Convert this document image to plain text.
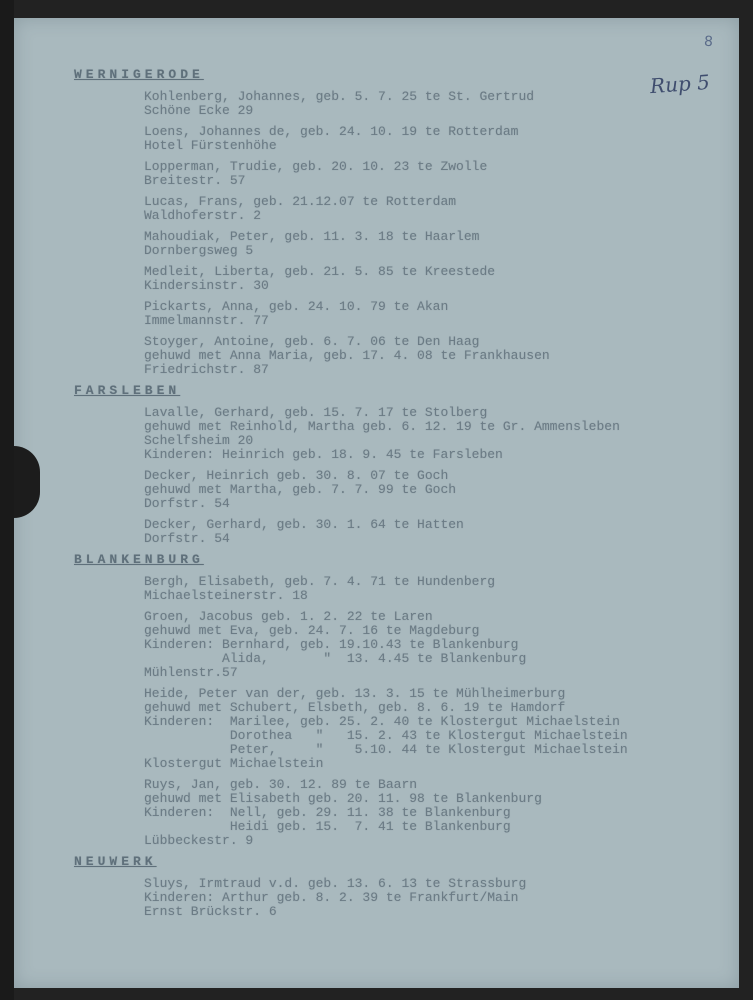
8
Rup 5
WERNIGERODE
Kohlenberg, Johannes, geb. 5. 7. 25 te St. Gertrud
Schöne Ecke 29
Loens, Johannes de, geb. 24. 10. 19 te Rotterdam
Hotel Fürstenhöhe
Lopperman, Trudie, geb. 20. 10. 23 te Zwolle
Breitestr. 57
Lucas, Frans, geb. 21.12.07 te Rotterdam
Waldhoferstr. 2
Mahoudiak, Peter, geb. 11. 3. 18 te Haarlem
Dornbergsweg 5
Medleit, Liberta, geb. 21. 5. 85 te Kreestede
Kindersinstr. 30
Pickarts, Anna, geb. 24. 10. 79 te Akan
Immelmannstr. 77
Stoyger, Antoine, geb. 6. 7. 06 te Den Haag
gehuwd met Anna Maria, geb. 17. 4. 08 te Frankhausen
Friedrichstr. 87
FARSLEBEN
Lavalle, Gerhard, geb. 15. 7. 17 te Stolberg
gehuwd met Reinhold, Martha geb. 6. 12. 19 te Gr. Ammensleben
Schelfsheim 20
Kinderen: Heinrich geb. 18. 9. 45 te Farsleben
Decker, Heinrich geb. 30. 8. 07 te Goch
gehuwd met Martha, geb. 7. 7. 99 te Goch
Dorfstr. 54
Decker, Gerhard, geb. 30. 1. 64 te Hatten
Dorfstr. 54
BLANKENBURG
Bergh, Elisabeth, geb. 7. 4. 71 te Hundenberg
Michaelsteinerstr. 18
Groen, Jacobus geb. 1. 2. 22 te Laren
gehuwd met Eva, geb. 24. 7. 16 te Magdeburg
Kinderen: Bernhard, geb. 19.10.43 te Blankenburg
Alida,       "  13. 4.45 te Blankenburg
Mühlenstr.57
Heide, Peter van der, geb. 13. 3. 15 te Mühlheimerburg
gehuwd met Schubert, Elsbeth, geb. 8. 6. 19 te Hamdorf
Kinderen:  Marilee, geb. 25. 2. 40 te Klostergut Michaelstein
Dorothea   "   15. 2. 43 te Klostergut Michaelstein
Peter,     "    5.10. 44 te Klostergut Michaelstein
Klostergut Michaelstein
Ruys, Jan, geb. 30. 12. 89 te Baarn
gehuwd met Elisabeth geb. 20. 11. 98 te Blankenburg
Kinderen:  Nell, geb. 29. 11. 38 te Blankenburg
Heidi geb. 15.  7. 41 te Blankenburg
Lübbeckestr. 9
NEUWERK
Sluys, Irmtraud v.d. geb. 13. 6. 13 te Strassburg
Kinderen: Arthur geb. 8. 2. 39 te Frankfurt/Main
Ernst Brückstr. 6
